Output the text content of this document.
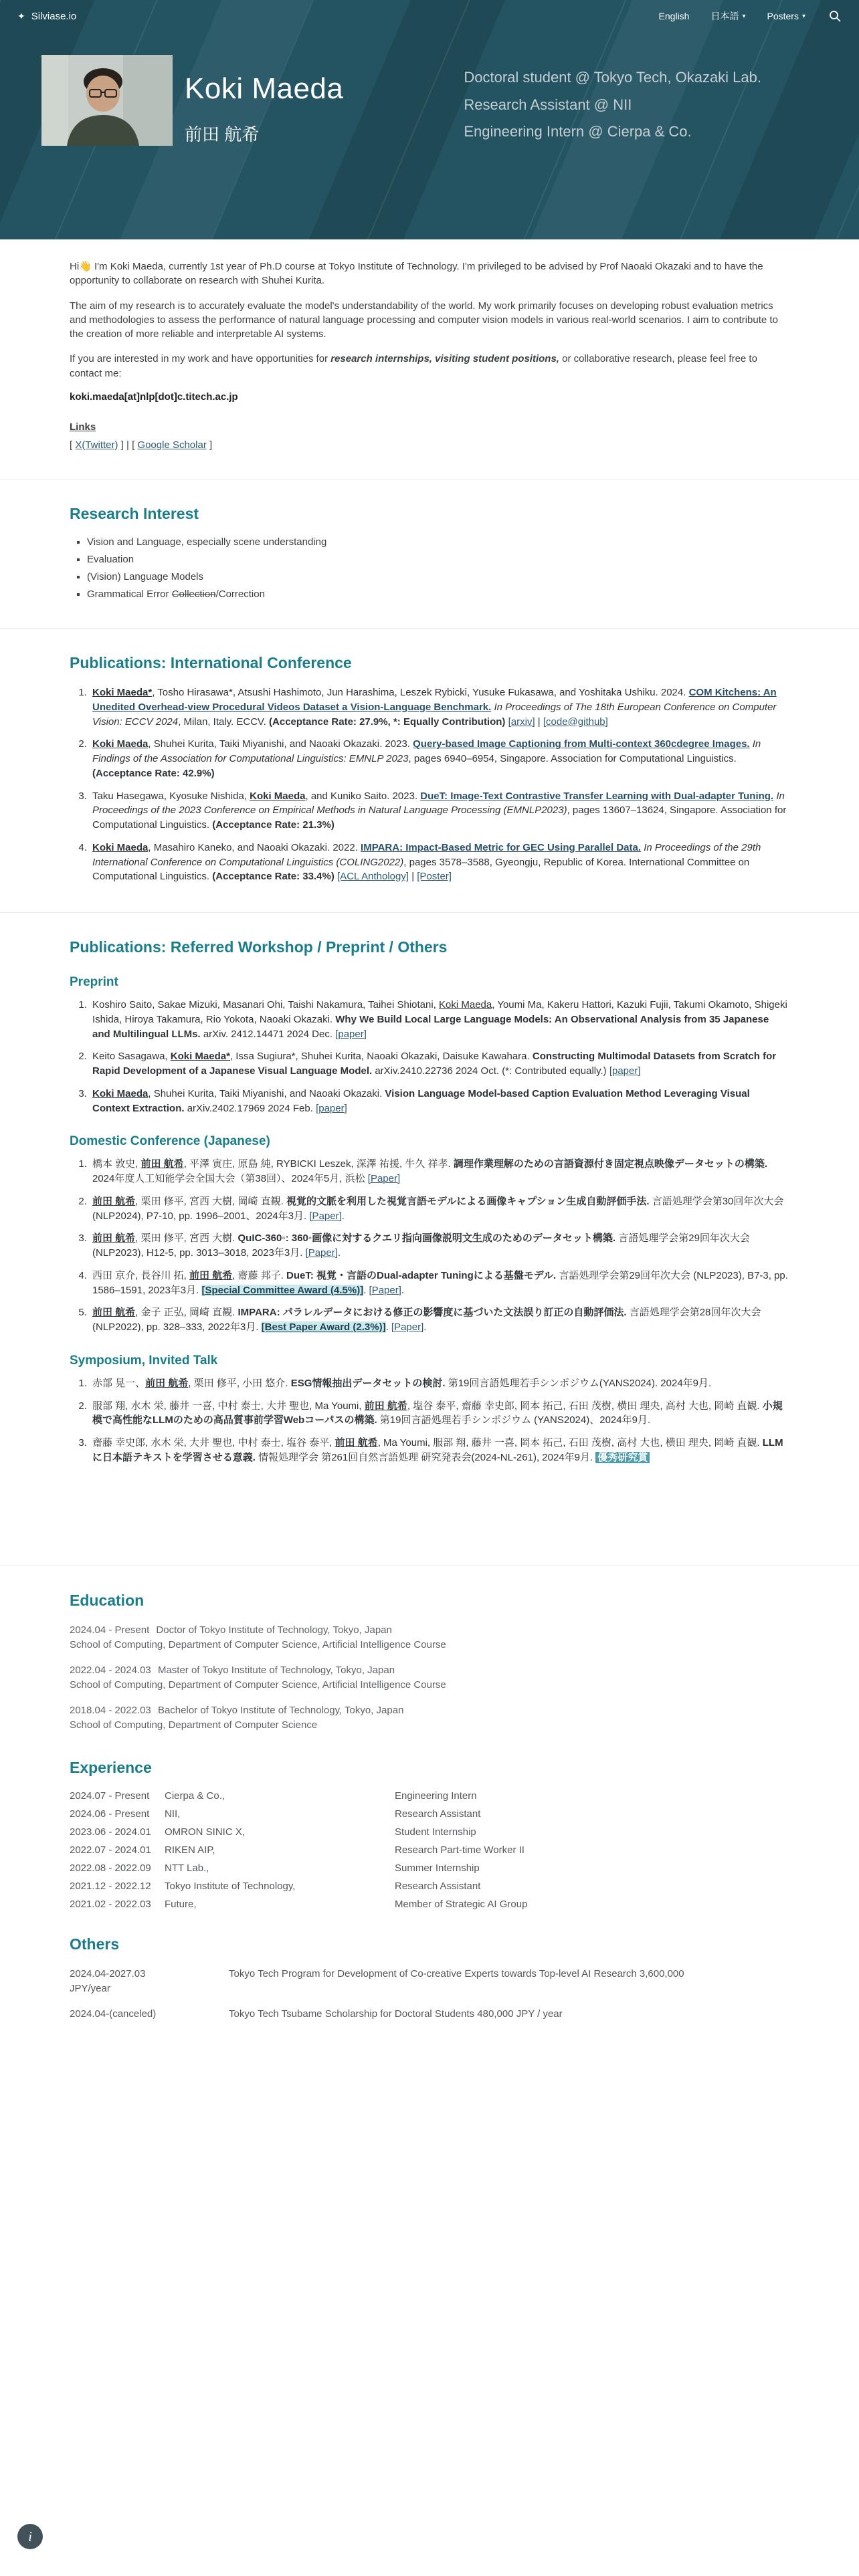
✦ Silviase.io	English 日本語 ▾ Posters ▾
Koki Maeda
前田 航希
Doctoral student @ Tokyo Tech, Okazaki Lab.
Research Assistant @ NII
Engineering Intern @ Cierpa & Co.

Hi👋 I'm Koki Maeda, currently 1st year of Ph.D course at Tokyo Institute of Technology. I'm privileged to be advised by Prof Naoaki Okazaki and to have the opportunity to collaborate on research with Shuhei Kurita.

The aim of my research is to accurately evaluate the model's understandability of the world. My work primarily focuses on developing robust evaluation metrics and methodologies to assess the performance of natural language processing and computer vision models in various real-world scenarios. I aim to contribute to the creation of more reliable and interpretable AI systems.

If you are interested in my work and have opportunities for research internships, visiting student positions, or collaborative research, please feel free to contact me:

koki.maeda[at]nlp[dot]c.titech.ac.jp

Links

[ X(Twitter) ] | [ Google Scholar ]

Research Interest
▪ Vision and Language, especially scene understanding
▪ Evaluation
▪ (Vision) Language Models
▪ Grammatical Error Collection/Correction
Publications: International Conference
1. Koki Maeda*, Tosho Hirasawa*, Atsushi Hashimoto, Jun Harashima, Leszek Rybicki, Yusuke Fukasawa, and Yoshitaka Ushiku. 2024. COM Kitchens: An Unedited Overhead-view Procedural Videos Dataset a Vision-Language Benchmark. In Proceedings of The 18th European Conference on Computer Vision: ECCV 2024, Milan, Italy. ECCV. (Acceptance Rate: 27.9%, *: Equally Contribution) [arxiv] | [code@github]
2. Koki Maeda, Shuhei Kurita, Taiki Miyanishi, and Naoaki Okazaki. 2023. Query-based Image Captioning from Multi-context 360cdegree Images. In Findings of the Association for Computational Linguistics: EMNLP 2023, pages 6940–6954, Singapore. Association for Computational Linguistics. (Acceptance Rate: 42.9%)
3. Taku Hasegawa, Kyosuke Nishida, Koki Maeda, and Kuniko Saito. 2023. DueT: Image-Text Contrastive Transfer Learning with Dual-adapter Tuning. In Proceedings of the 2023 Conference on Empirical Methods in Natural Language Processing (EMNLP2023), pages 13607–13624, Singapore. Association for Computational Linguistics. (Acceptance Rate: 21.3%)
4. Koki Maeda, Masahiro Kaneko, and Naoaki Okazaki. 2022. IMPARA: Impact-Based Metric for GEC Using Parallel Data. In Proceedings of the 29th International Conference on Computational Linguistics (COLING2022), pages 3578–3588, Gyeongju, Republic of Korea. International Committee on Computational Linguistics. (Acceptance Rate: 33.4%) [ACL Anthology] | [Poster]
Publications: Referred Workshop / Preprint / Others
Preprint
1. Koshiro Saito, Sakae Mizuki, Masanari Ohi, Taishi Nakamura, Taihei Shiotani, Koki Maeda, Youmi Ma, Kakeru Hattori, Kazuki Fujii, Takumi Okamoto, Shigeki Ishida, Hiroya Takamura, Rio Yokota, Naoaki Okazaki. Why We Build Local Large Language Models: An Observational Analysis from 35 Japanese and Multilingual LLMs. arXiv. 2412.14471 2024 Dec. [paper]
2. Keito Sasagawa, Koki Maeda*, Issa Sugiura*, Shuhei Kurita, Naoaki Okazaki, Daisuke Kawahara. Constructing Multimodal Datasets from Scratch for Rapid Development of a Japanese Visual Language Model. arXiv.2410.22736 2024 Oct. (*: Contributed equally.) [paper]
3. Koki Maeda, Shuhei Kurita, Taiki Miyanishi, and Naoaki Okazaki. Vision Language Model-based Caption Evaluation Method Leveraging Visual Context Extraction. arXiv.2402.17969 2024 Feb. [paper]
Domestic Conference (Japanese)
1. 橋本 敦史, 前田 航希, 平澤 寅庄, 原島 純, RYBICKI Leszek, 深澤 祐援, 牛久 祥孝. 調理作業理解のための言語資源付き固定視点映像データセットの構築. 2024年度人工知能学会全国大会（第38回）、2024年5月, 浜松 [Paper]
2. 前田 航希, 栗田 修平, 宮西 大樹, 岡崎 直観. 視覚的文脈を利用した視覚言語モデルによる画像キャプション生成自動評価手法. 言語処理学会第30回年次大会 (NLP2024), P7-10, pp. 1996–2001、2024年3月. [Paper].
3. 前田 航希, 栗田 修平, 宮西 大樹. QuIC-360◦: 360◦画像に対するクエリ指向画像説明文生成のためのデータセット構築. 言語処理学会第29回年次大会 (NLP2023), H12-5, pp. 3013–3018, 2023年3月. [Paper].
4. 西田 京介, 長谷川 拓, 前田 航希, 齋藤 邦子. DueT: 視覚・言語のDual-adapter Tuningによる基盤モデル. 言語処理学会第29回年次大会 (NLP2023), B7-3, pp. 1586–1591, 2023年3月. [Special Committee Award (4.5%)]. [Paper].
5. 前田 航希, 金子 正弘, 岡崎 直観. IMPARA: パラレルデータにおける修正の影響度に基づいた文法誤り訂正の自動評価法. 言語処理学会第28回年次大会 (NLP2022), pp. 328–333, 2022年3月. [Best Paper Award (2.3%)]. [Paper].
Symposium, Invited Talk
1. 赤部 晃一、前田 航希, 栗田 修平, 小田 悠介. ESG情報抽出データセットの検討. 第19回言語処理若手シンポジウム(YANS2024). 2024年9月.
2. 服部 翔, 水木 栄, 藤井 一喜, 中村 泰士, 大井 聖也, Ma Youmi, 前田 航希, 塩谷 泰平, 齋藤 幸史郎, 岡本 拓己, 石田 茂樹, 横田 理央, 高村 大也, 岡崎 直観. 小規模で高性能なLLMのための高品質事前学習Webコーパスの構築. 第19回言語処理若手シンポジウム (YANS2024)、2024年9月.
3. 齋藤 幸史郎, 水木 栄, 大井 聖也, 中村 泰士, 塩谷 泰平, 前田 航希, Ma Youmi, 服部 翔, 藤井 一喜, 岡本 拓己, 石田 茂樹, 高村 大也, 横田 理央, 岡崎 直観. LLMに日本語テキストを学習させる意義. 情報処理学会 第261回自然言語処理 研究発表会(2024-NL-261), 2024年9月. 優秀研究賞
Education
2024.04 - Present Doctor of Tokyo Institute of Technology, Tokyo, Japan
School of Computing, Department of Computer Science, Artificial Intelligence Course
2022.04 - 2024.03 Master of Tokyo Institute of Technology, Tokyo, Japan
School of Computing, Department of Computer Science, Artificial Intelligence Course
2018.04 - 2022.03 Bachelor of Tokyo Institute of Technology, Tokyo, Japan
School of Computing, Department of Computer Science
Experience
2024.07 - Present	Cierpa & Co.,	Engineering Intern
2024.06 - Present	NII,	Research Assistant
2023.06 - 2024.01	OMRON SINIC X,	Student Internship
2022.07 - 2024.01	RIKEN AIP,	Research Part-time Worker II
2022.08 - 2022.09	NTT Lab.,	Summer Internship
2021.12 - 2022.12	Tokyo Institute of Technology,	Research Assistant
2021.02 - 2022.03	Future,	Member of Strategic AI Group
Others
2024.04-2027.03	Tokyo Tech Program for Development of Co-creative Experts towards Top-level AI Research 3,600,000
JPY/year
2024.04-(canceled)	Tokyo Tech Tsubame Scholarship for Doctoral Students 480,000 JPY / year
i
